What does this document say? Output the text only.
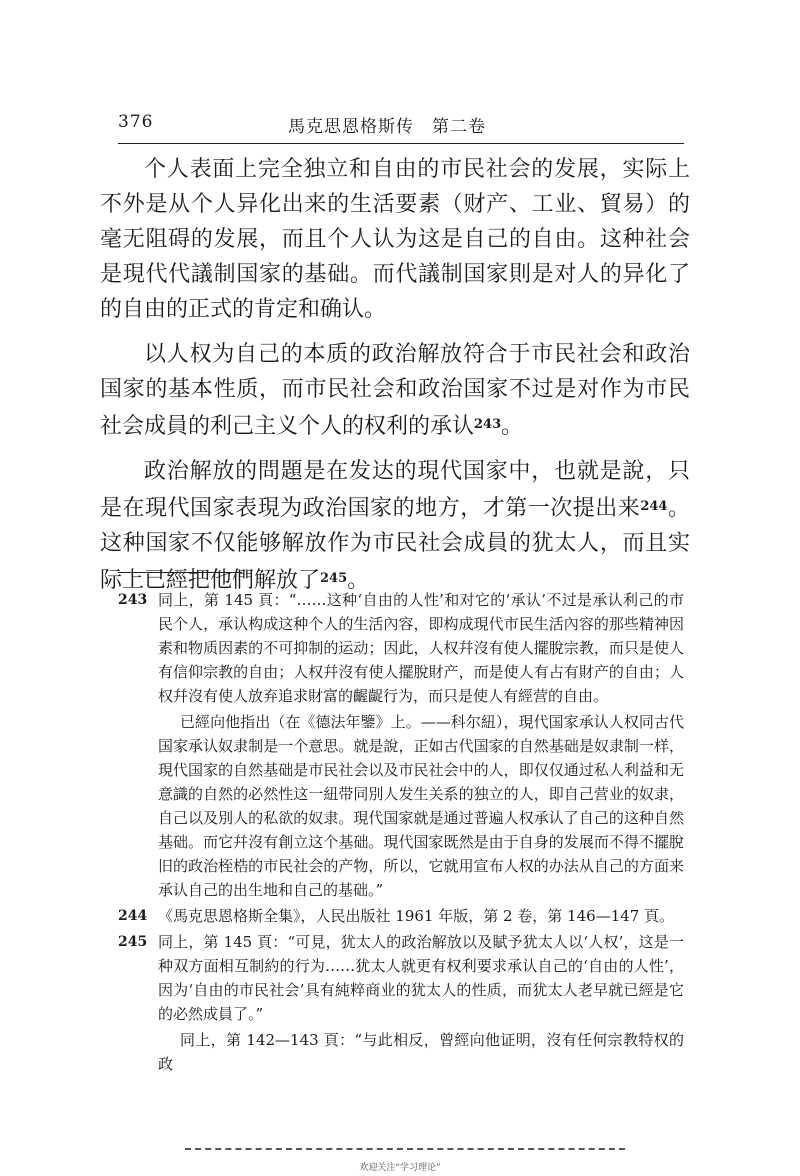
376	馬克思恩格斯传　第二卷

个人表面上完全独立和自由的市民社会的发展，实际上不外是从个人异化出来的生活要素（财产、工业、貿易）的毫无阻碍的发展，而且个人认为这是自己的自由。这种社会是現代代議制国家的基础。而代議制国家則是对人的异化了的自由的正式的肯定和确认。

以人权为自己的本质的政治解放符合于市民社会和政治国家的基本性质，而市民社会和政治国家不过是对作为市民社会成員的利己主义个人的权利的承认$^{243}$。

政治解放的問題是在发达的現代国家中，也就是說，只是在現代国家表現为政治国家的地方，才第一次提出来$^{244}$。这种国家不仅能够解放作为市民社会成員的犹太人，而且实际上已經把他們解放了$^{245}$。

243 同上，第 145 頁：“……这种‘自由的人性’和对它的‘承认’不过是承认利己的市民个人，承认构成这种个人的生活內容，即构成現代市民生活內容的那些精神因素和物质因素的不可抑制的运动；因此，人权幷沒有使人擺脫宗教，而只是使人有信仰宗教的自由；人权幷沒有使人擺脫財产，而是使人有占有財产的自由；人权幷沒有使人放弃追求財富的齷齪行为，而只是使人有經营的自由。
已經向他指出（在《德法年鑒》上。——科尔紐），現代国家承认人权同古代国家承认奴隶制是一个意思。就是說，正如古代国家的自然基础是奴隶制一样，現代国家的自然基础是市民社会以及市民社会中的人，即仅仅通过私人利益和无意識的自然的必然性这一紐带同別人发生关系的独立的人，即自己营业的奴隶，自己以及別人的私欲的奴隶。現代国家就是通过普遍人权承认了自己的这种自然基础。而它幷沒有創立这个基础。現代国家既然是由于自身的发展而不得不擺脫旧的政治桎梏的市民社会的产物，所以，它就用宣布人权的办法从自己的方面来承认自己的出生地和自己的基础。”
244 《馬克思恩格斯全集》，人民出版社 1961 年版，第 2 卷，第 146—147 頁。
245 同上，第 145 頁：“可見，犹太人的政治解放以及賦予犹太人以‘人权’，这是一种双方面相互制約的行为……犹太人就更有权利要求承认自己的‘自由的人性’，因为‘自由的市民社会’具有純粹商业的犹太人的性质，而犹太人老早就已經是它的必然成員了。”
同上，第 142—143 頁：“与此相反，曾經向他证明，沒有任何宗教特权的政
欢迎关注“学习理论”
